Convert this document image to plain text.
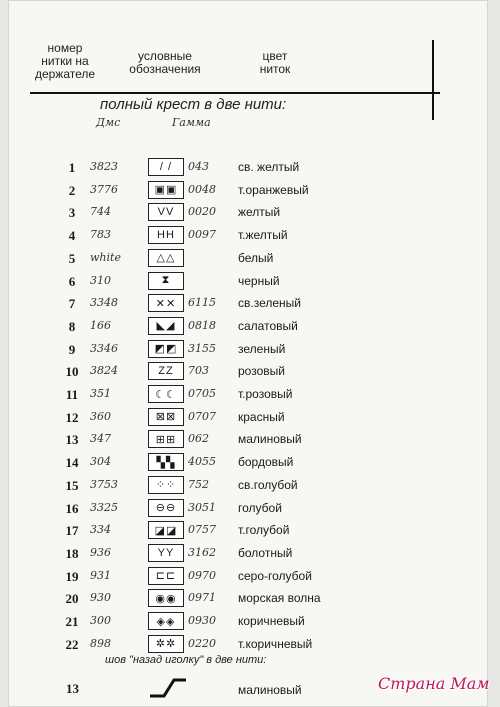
номер
нитки на
держателе
условные
обозначения
цвет
ниток
полный крест в две нити:
Дмс	Гамма
1	3823	/ /	043	св. желтый
2	3776	▣▣ 0048	т.оранжевый
3	744	VV	0020	желтый
4	783	HH	0097	т.желтый
5	white	△△	белый
6	310	⧗	черный
7	3348	✕✕	6115	св.зеленый
8	166	◣◢	0818	салатовый
9	3346	◩◩ 3155	зеленый
10	3824	ZZ	703	розовый
11	351	☾☾	0705	т.розовый
12	360	⊠⊠	0707	красный
13	347	⊞⊞	062	малиновый
14	304	▚▚	4055	бордовый
15	3753	⁘⁘	752	св.голубой
16	3325	⊖⊖	3051	голубой
17	334	◪◪ 0757	т.голубой
18	936	YY	3162	болотный
19	931	⊏⊏	0970	серо-голубой
20	930	◉◉	0971	морская волна
21	300	◈◈	0930	коричневый
22	898	✲✲	0220	т.коричневый
шов "назад иголку" в две нити:
13	малиновый	Страна Мам
